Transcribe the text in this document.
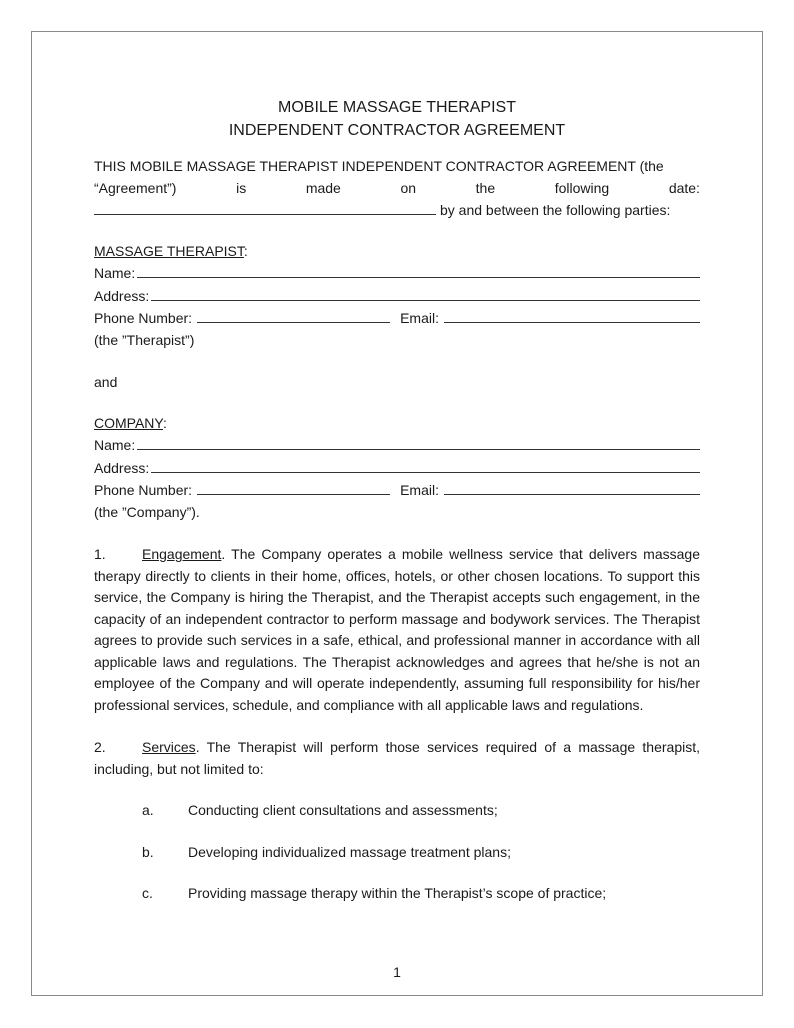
MOBILE MASSAGE THERAPIST
INDEPENDENT CONTRACTOR AGREEMENT
THIS MOBILE MASSAGE THERAPIST INDEPENDENT CONTRACTOR AGREEMENT (the
“Agreement”)	is	made	on	the	following	date:
by and between the following parties:
MASSAGE THERAPIST:
Name:
Address:
Phone Number:	Email:
(the ”Therapist”)
and
COMPANY:
Name:
Address:
Phone Number:	Email:
(the ”Company”).
1.	Engagement. The Company operates a mobile wellness service that delivers massage therapy directly to clients in their home, offices, hotels, or other chosen locations. To support this service, the Company is hiring the Therapist, and the Therapist accepts such engagement, in the capacity of an independent contractor to perform massage and bodywork services. The Therapist agrees to provide such services in a safe, ethical, and professional manner in accordance with all applicable laws and regulations. The Therapist acknowledges and agrees that he/she is not an employee of the Company and will operate independently, assuming full responsibility for his/her professional services, schedule, and compliance with all applicable laws and regulations.
2.	Services. The Therapist will perform those services required of a massage therapist, including, but not limited to:
a.	Conducting client consultations and assessments;
b.	Developing individualized massage treatment plans;
c.	Providing massage therapy within the Therapist’s scope of practice;
1
